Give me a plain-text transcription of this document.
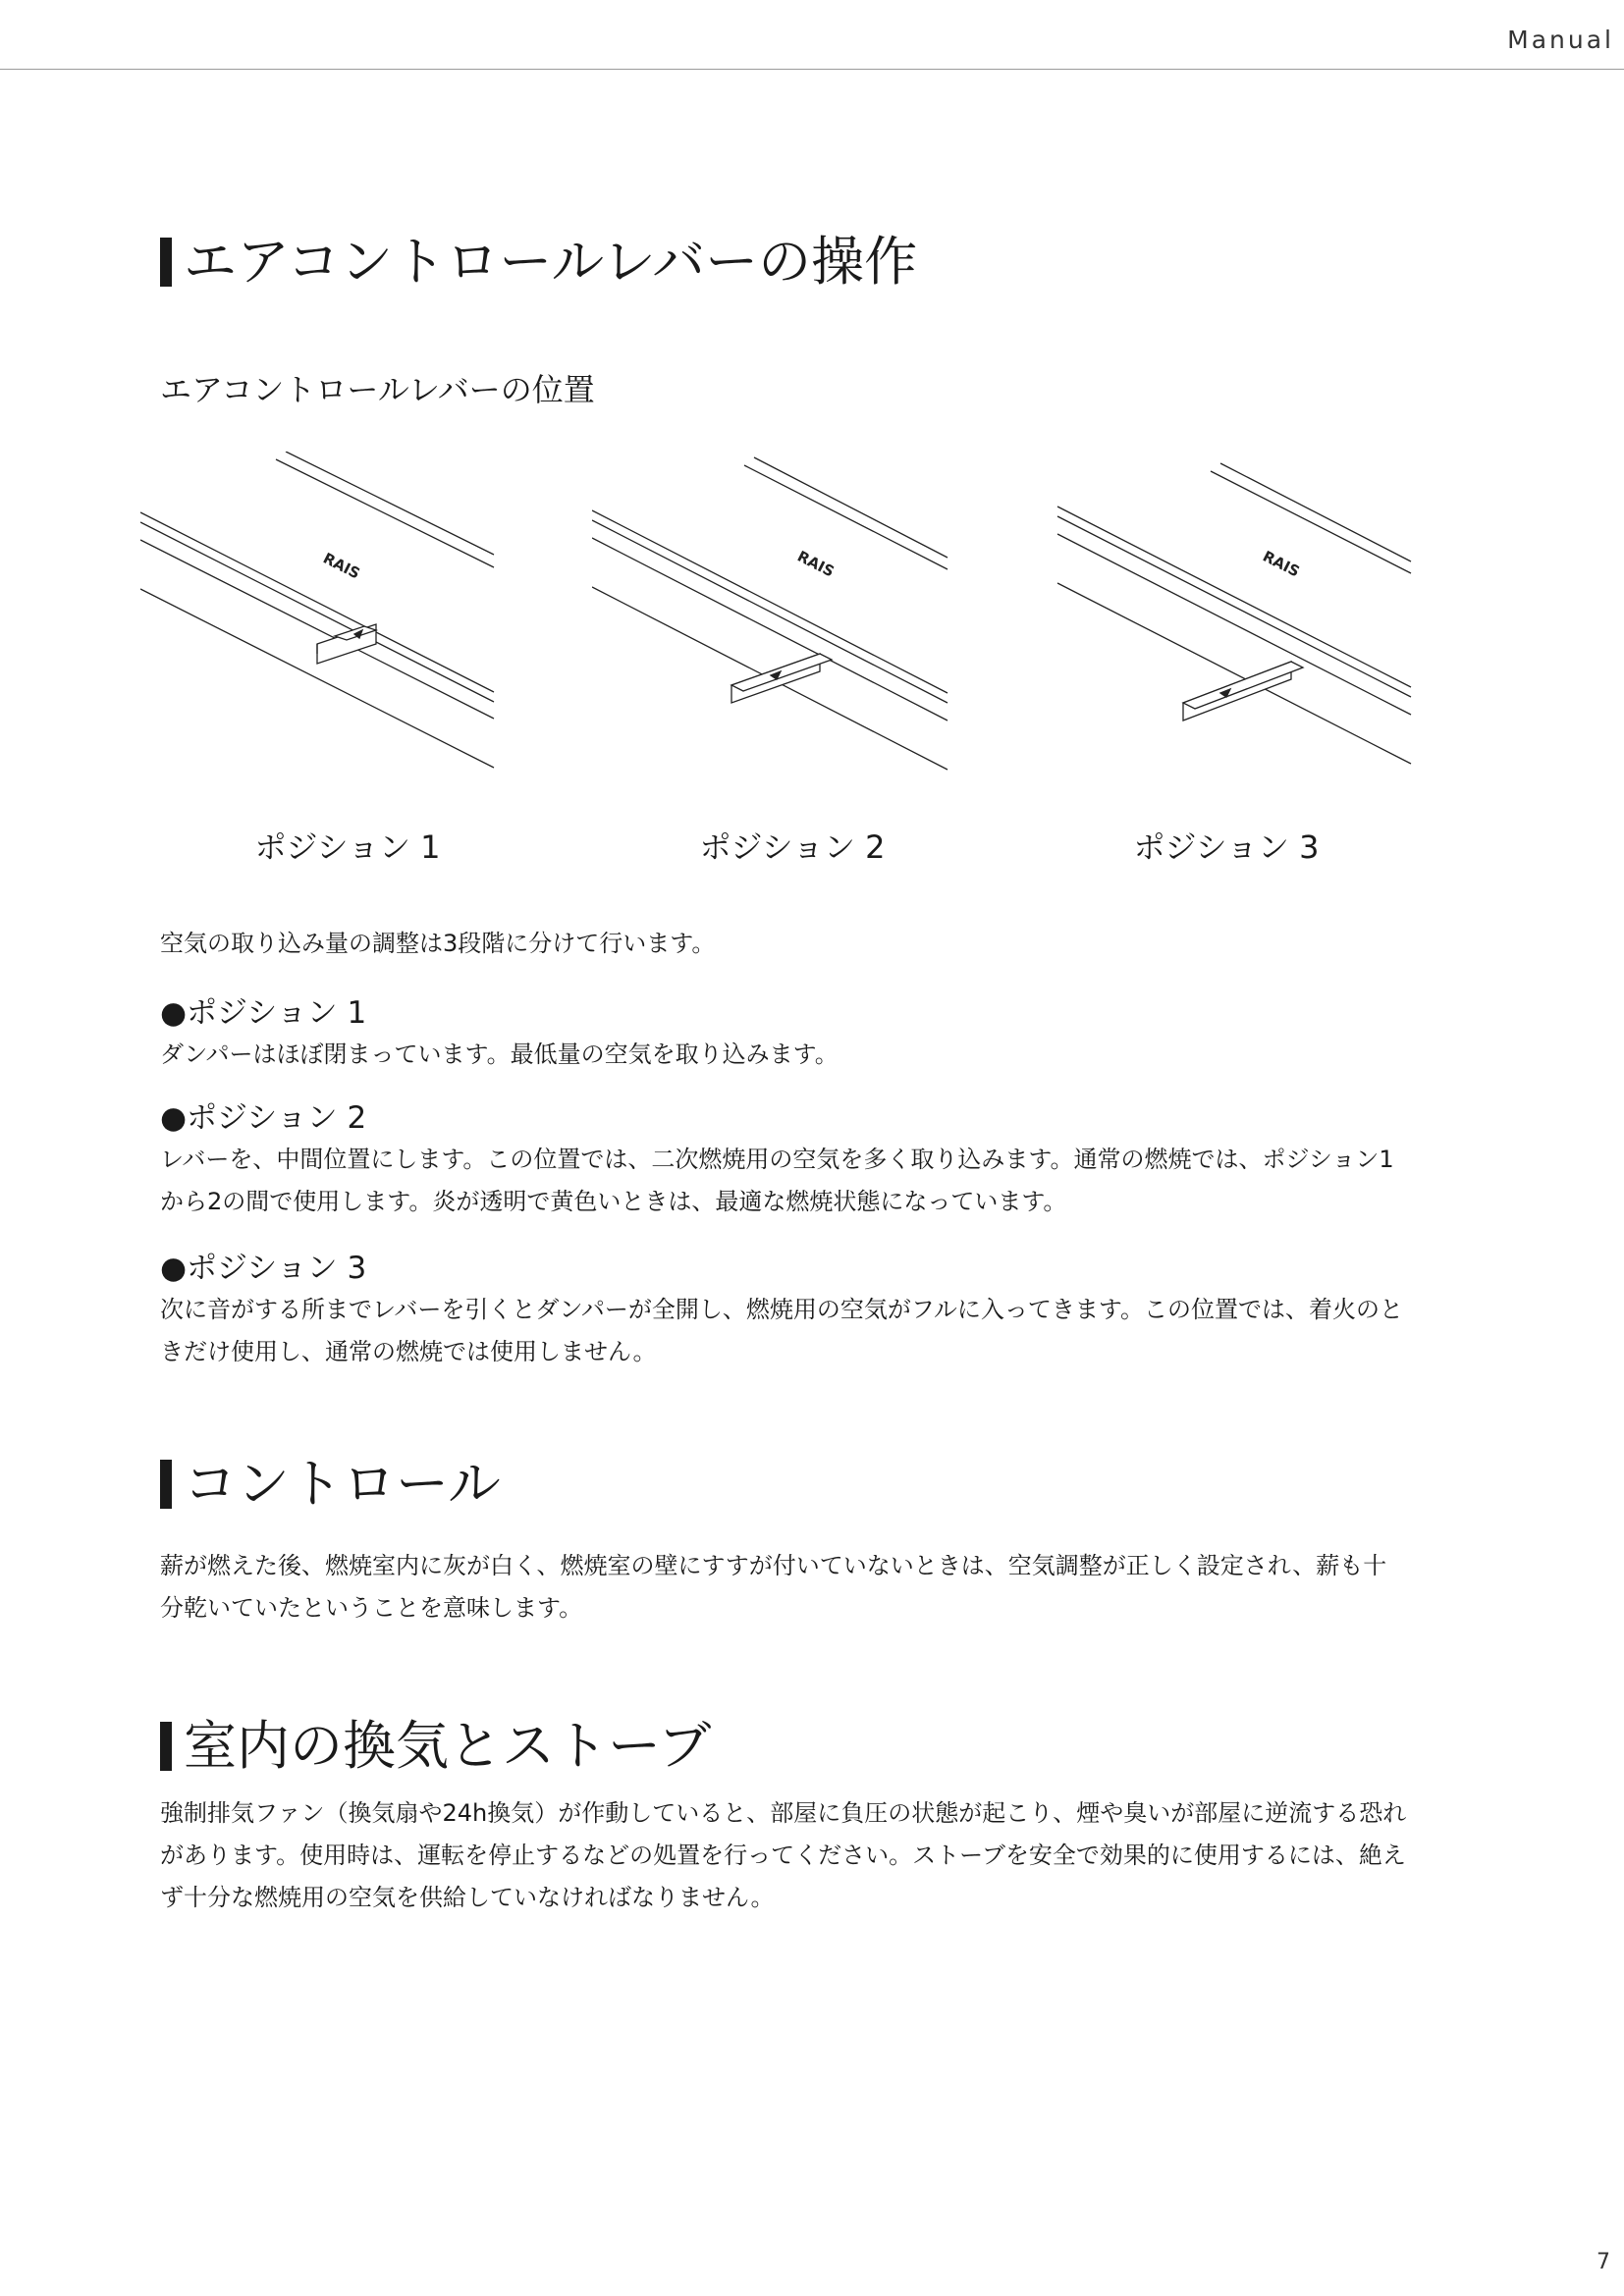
Manual
エアコントロールレバーの操作
エアコントロールレバーの位置
RAIS
ポジション 1
RAIS
ポジション 2
RAIS
ポジション 3

空気の取り込み量の調整は3段階に分けて行います。

●ポジション 1

ダンパーはほぼ閉まっています。最低量の空気を取り込みます。

●ポジション 2

レバーを、中間位置にします。この位置では、二次燃焼用の空気を多く取り込みます。通常の燃焼では、ポジション1から2の間で使用します。炎が透明で黄色いときは、最適な燃焼状態になっています。

●ポジション 3

次に音がする所までレバーを引くとダンパーが全開し、燃焼用の空気がフルに入ってきます。この位置では、着火のときだけ使用し、通常の燃焼では使用しません。

コントロール

薪が燃えた後、燃焼室内に灰が白く、燃焼室の壁にすすが付いていないときは、空気調整が正しく設定され、薪も十分乾いていたということを意味します。

室内の換気とストーブ

強制排気ファン（換気扇や24h換気）が作動していると、部屋に負圧の状態が起こり、煙や臭いが部屋に逆流する恐れがあります。使用時は、運転を停止するなどの処置を行ってください。ストーブを安全で効果的に使用するには、絶えず十分な燃焼用の空気を供給していなければなりません。

7
